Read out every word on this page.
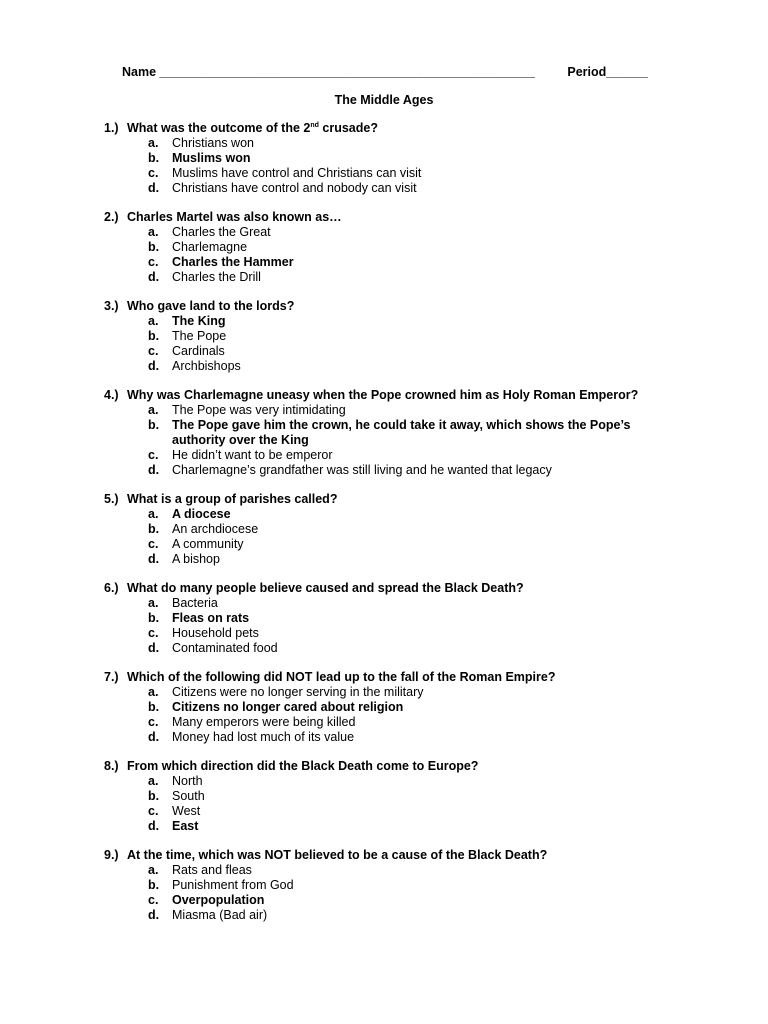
Name ______________________________________________________	Period______
The Middle Ages
1.) What was the outcome of the 2nd crusade?
a.	Christians won
b.	Muslims won
c.	Muslims have control and Christians can visit
d.	Christians have control and nobody can visit
2.) Charles Martel was also known as…
a.	Charles the Great
b.	Charlemagne
c.	Charles the Hammer
d.	Charles the Drill
3.) Who gave land to the lords?
a.	The King
b.	The Pope
c.	Cardinals
d.	Archbishops
4.) Why was Charlemagne uneasy when the Pope crowned him as Holy Roman Emperor?
a.	The Pope was very intimidating
b.	The Pope gave him the crown, he could take it away, which shows the Pope’s authority over the King
c.	He didn’t want to be emperor
d.	Charlemagne’s grandfather was still living and he wanted that legacy
5.) What is a group of parishes called?
a.	A diocese
b.	An archdiocese
c.	A community
d.	A bishop
6.) What do many people believe caused and spread the Black Death?
a.	Bacteria
b.	Fleas on rats
c.	Household pets
d.	Contaminated food
7.) Which of the following did NOT lead up to the fall of the Roman Empire?
a.	Citizens were no longer serving in the military
b.	Citizens no longer cared about religion
c.	Many emperors were being killed
d.	Money had lost much of its value
8.) From which direction did the Black Death come to Europe?
a.	North
b.	South
c.	West
d.	East
9.) At the time, which was NOT believed to be a cause of the Black Death?
a.	Rats and fleas
b.	Punishment from God
c.	Overpopulation
d.	Miasma (Bad air)
